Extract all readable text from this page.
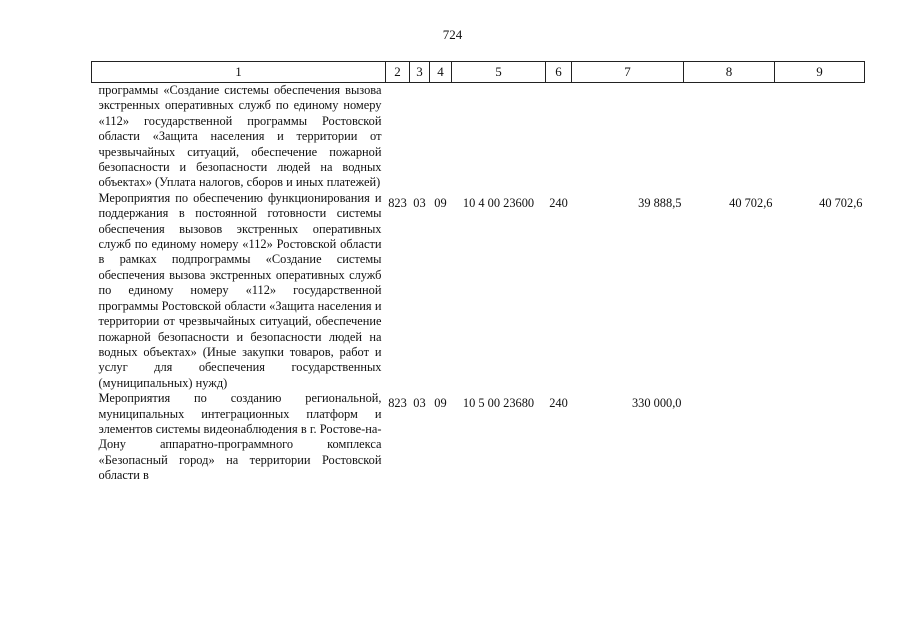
724
1	2	3	4	5	6	7	8	9
программы «Создание системы обеспечения вызова экстренных оперативных служб по единому номеру «112» государственной программы Ростовской области «Защита населения и территории от чрезвычайных ситуаций, обеспечение пожарной безопасности и безопасности людей на водных объектах» (Уплата налогов, сборов и иных платежей)								
Мероприятия по обеспечению функционирования и поддержания в постоянной готовности системы обеспечения вызовов экстренных оперативных служб по единому номеру «112» Ростовской области в рамках подпрограммы «Создание системы обеспечения вызова экстренных оперативных служб по единому номеру «112» государственной программы Ростовской области «Защита населения и территории от чрезвычайных ситуаций, обеспечение пожарной безопасности и безопасности людей на водных объектах» (Иные закупки товаров, работ и услуг для обеспечения государственных (муниципальных) нужд)	823	03	09	10 4 00 23600	240	39 888,5	40 702,6	40 702,6
Мероприятия по созданию региональной, муниципальных интеграционных платформ и элементов системы видеонаблюдения в г. Ростове-на-Дону аппаратно-программного комплекса «Безопасный город» на территории Ростовской области в	823	03	09	10 5 00 23680	240	330 000,0		
